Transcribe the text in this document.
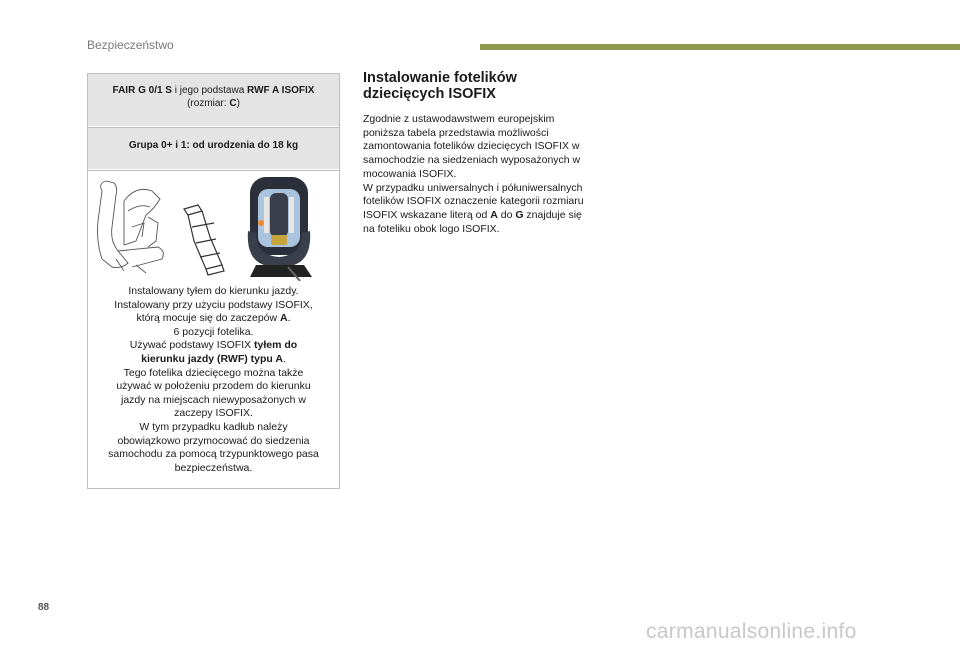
Bezpieczeństwo
FAIR G 0/1 S i jego podstawa RWF A ISOFIX
(rozmiar: C)
Grupa 0+ i 1: od urodzenia do 18 kg
Instalowany tyłem do kierunku jazdy.
Instalowany przy użyciu podstawy ISOFIX,
którą mocuje się do zaczepów A.
6 pozycji fotelika.
Używać podstawy ISOFIX tyłem do
kierunku jazdy (RWF) typu A.
Tego fotelika dziecięcego można także
używać w położeniu przodem do kierunku
jazdy na miejscach niewyposażonych w
zaczepy ISOFIX.
W tym przypadku kadłub należy
obowiązkowo przymocować do siedzenia
samochodu za pomocą trzypunktowego pasa
bezpieczeństwa.
Instalowanie fotelików
dziecięcych ISOFIX
Zgodnie z ustawodawstwem europejskim
poniższa tabela przedstawia możliwości
zamontowania fotelików dziecięcych ISOFIX w
samochodzie na siedzeniach wyposażonych w
mocowania ISOFIX.
W przypadku uniwersalnych i półuniwersalnych
fotelików ISOFIX oznaczenie kategorii rozmiaru
ISOFIX wskazane literą od A do G znajduje się
na foteliku obok logo ISOFIX.
88
carmanualsonline.info
